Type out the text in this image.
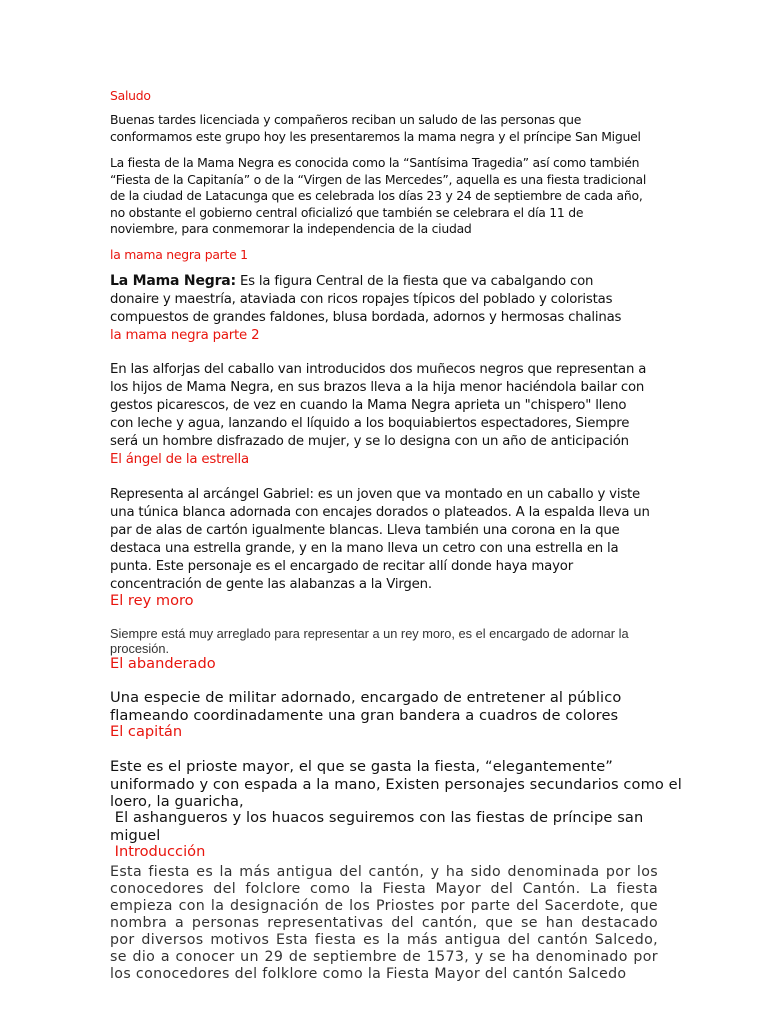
Saludo
Buenas tardes licenciada y compañeros reciban un saludo de las personas que conformamos este grupo hoy les presentaremos la mama negra y el príncipe San Miguel
La fiesta de la Mama Negra es conocida como la “Santísima Tragedia” así como también “Fiesta de la Capitanía” o de la “Virgen de las Mercedes”, aquella es una fiesta tradicional de la ciudad de Latacunga que es celebrada los días 23 y 24 de septiembre de cada año, no obstante el gobierno central oficializó que también se celebrara el día 11 de noviembre, para conmemorar la independencia de la ciudad
la mama negra parte 1
La Mama Negra: Es la figura Central de la fiesta que va cabalgando con donaire y maestría, ataviada con ricos ropajes típicos del poblado y coloristas compuestos de grandes faldones, blusa bordada, adornos y hermosas chalinas
la mama negra parte 2
En las alforjas del caballo van introducidos dos muñecos negros que representan a los hijos de Mama Negra, en sus brazos lleva a la hija menor haciéndola bailar con gestos picarescos, de vez en cuando la Mama Negra aprieta un "chispero" lleno con leche y agua, lanzando el líquido a los boquiabiertos espectadores, Siempre será un hombre disfrazado de mujer, y se lo designa con un año de anticipación
El ángel de la estrella
Representa al arcángel Gabriel: es un joven que va montado en un caballo y viste una túnica blanca adornada con encajes dorados o plateados. A la espalda lleva un par de alas de cartón igualmente blancas. Lleva también una corona en la que destaca una estrella grande, y en la mano lleva un cetro con una estrella en la punta. Este personaje es el encargado de recitar allí donde haya mayor concentración de gente las alabanzas a la Virgen.
El rey moro
Siempre está muy arreglado para representar a un rey moro, es el encargado de adornar la procesión.
El abanderado
Una especie de militar adornado, encargado de entretener al público flameando coordinadamente una gran bandera a cuadros de colores
El capitán
Este es el prioste mayor, el que se gasta la fiesta, “elegantemente” uniformado y con espada a la mano, Existen personajes secundarios como el loero, la guaricha,
El ashangueros y los huacos seguiremos con las fiestas de príncipe san miguel
Introducción
Esta fiesta es la más antigua del cantón, y ha sido denominada por los conocedores del folclore como la Fiesta Mayor del Cantón. La fiesta empieza con la designación de los Priostes por parte del Sacerdote, que nombra a personas representativas del cantón, que se han destacado por diversos motivos Esta fiesta es la más antigua del cantón Salcedo, se dio a conocer un 29 de septiembre de 1573, y se ha denominado por los conocedores del folklore como la Fiesta Mayor del cantón Salcedo
